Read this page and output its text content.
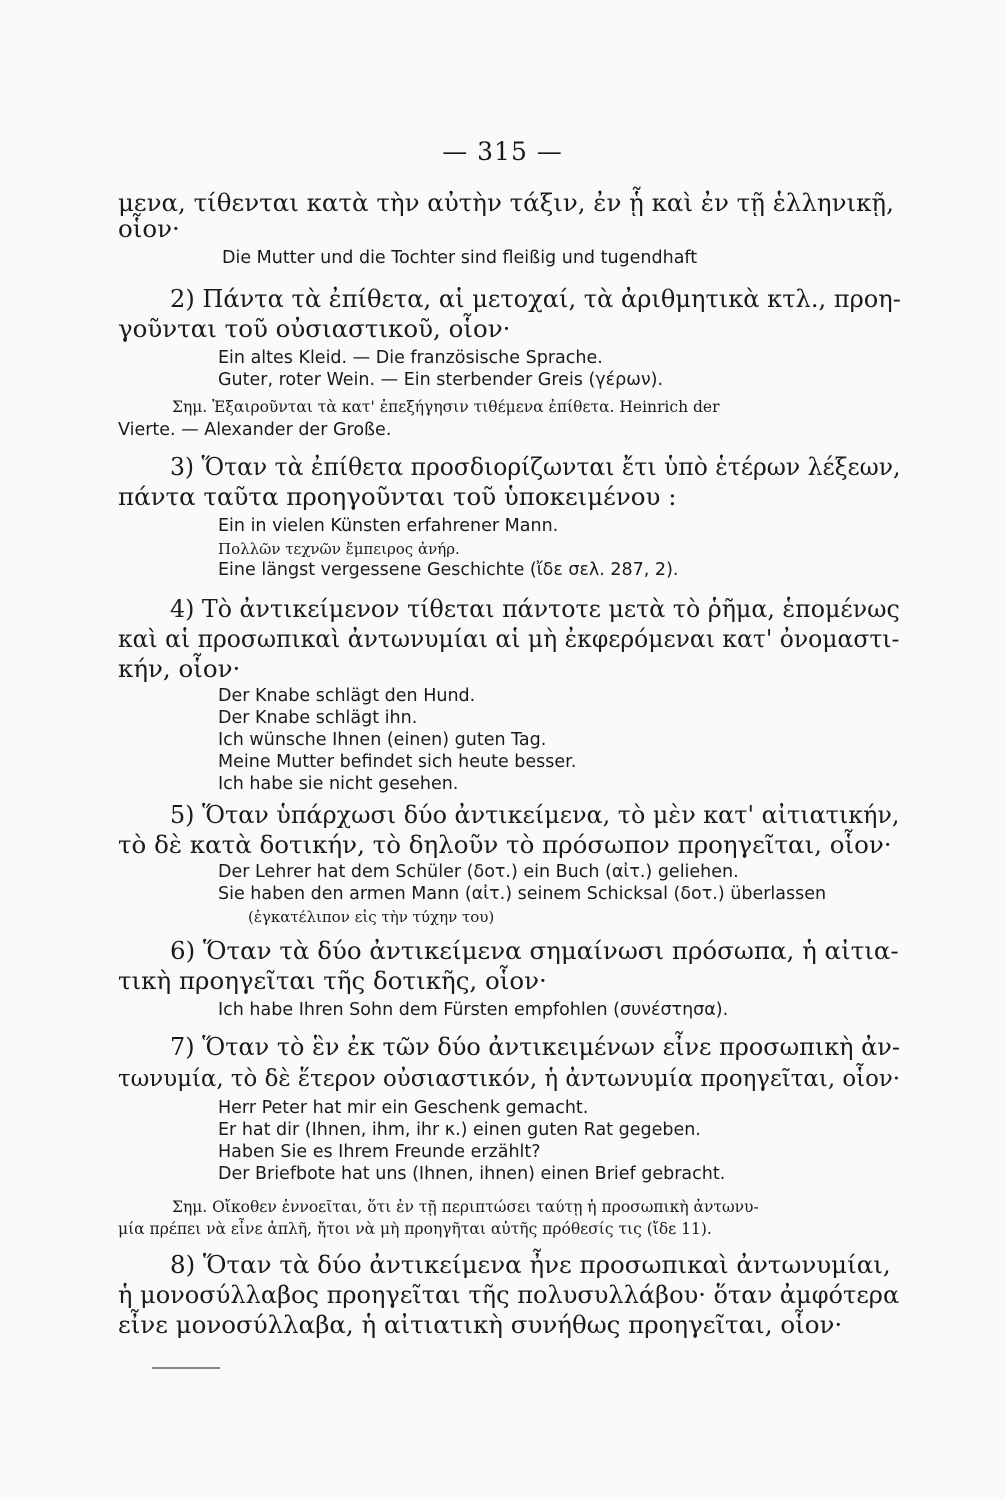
— 315 —
μενα, τίθενται κατὰ τὴν αὐτὴν τάξιν, ἐν ᾗ καὶ ἐν τῇ ἑλληνικῇ,
οἷον·
Die Mutter und die Tochter sind fleißig und tugendhaft
2) Πάντα τὰ ἐπίθετα, αἱ μετοχαί, τὰ ἀριθμητικὰ κτλ., προη-
γοῦνται τοῦ οὐσιαστικοῦ, οἷον·
Ein altes Kleid. — Die französische Sprache.
Guter, roter Wein. — Ein sterbender Greis (γέρων).
Σημ. Ἐξαιροῦνται τὰ κατ' ἐπεξήγησιν τιθέμενα ἐπίθετα. Heinrich der
Vierte. — Alexander der Große.
3) Ὅταν τὰ ἐπίθετα προσδιορίζωνται ἔτι ὑπὸ ἑτέρων λέξεων,
πάντα ταῦτα προηγοῦνται τοῦ ὑποκειμένου :
Ein in vielen Künsten erfahrener Mann.
Πολλῶν τεχνῶν ἔμπειρος ἀνήρ.
Eine längst vergessene Geschichte (ἴδε σελ. 287, 2).
4) Τὸ ἀντικείμενον τίθεται πάντοτε μετὰ τὸ ῥῆμα, ἑπομένως
καὶ αἱ προσωπικαὶ ἀντωνυμίαι αἱ μὴ ἐκφερόμεναι κατ' ὀνομαστι-
κήν, οἷον·
Der Knabe schlägt den Hund.
Der Knabe schlägt ihn.
Ich wünsche Ihnen (einen) guten Tag.
Meine Mutter befindet sich heute besser.
Ich habe sie nicht gesehen.
5) Ὅταν ὑπάρχωσι δύο ἀντικείμενα, τὸ μὲν κατ' αἰτιατικήν,
τὸ δὲ κατὰ δοτικήν, τὸ δηλοῦν τὸ πρόσωπον προηγεῖται, οἷον·
Der Lehrer hat dem Schüler (δοτ.) ein Buch (αἰτ.) geliehen.
Sie haben den armen Mann (αἰτ.) seinem Schicksal (δοτ.) überlassen
(ἐγκατέλιπον εἰς τὴν τύχην του)
6) Ὅταν τὰ δύο ἀντικείμενα σημαίνωσι πρόσωπα, ἡ αἰτια-
τικὴ προηγεῖται τῆς δοτικῆς, οἷον·
Ich habe Ihren Sohn dem Fürsten empfohlen (συνέστησα).
7) Ὅταν τὸ ἓν ἐκ τῶν δύο ἀντικειμένων εἶνε προσωπικὴ ἀν-
τωνυμία, τὸ δὲ ἕτερον οὐσιαστικόν, ἡ ἀντωνυμία προηγεῖται, οἷον·
Herr Peter hat mir ein Geschenk gemacht.
Er hat dir (Ihnen, ihm, ihr κ.) einen guten Rat gegeben.
Haben Sie es Ihrem Freunde erzählt?
Der Briefbote hat uns (Ihnen, ihnen) einen Brief gebracht.
Σημ. Οἴκοθεν ἐννοεῖται, ὅτι ἐν τῇ περιπτώσει ταύτῃ ἡ προσωπικὴ ἀντωνυ-
μία πρέπει νὰ εἶνε ἁπλῆ, ἤτοι νὰ μὴ προηγῆται αὐτῆς πρόθεσίς τις (ἴδε 11).
8) Ὅταν τὰ δύο ἀντικείμενα ἦνε προσωπικαὶ ἀντωνυμίαι,
ἡ μονοσύλλαβος προηγεῖται τῆς πολυσυλλάβου· ὅταν ἀμφότερα
εἶνε μονοσύλλαβα, ἡ αἰτιατικὴ συνήθως προηγεῖται, οἷον·
